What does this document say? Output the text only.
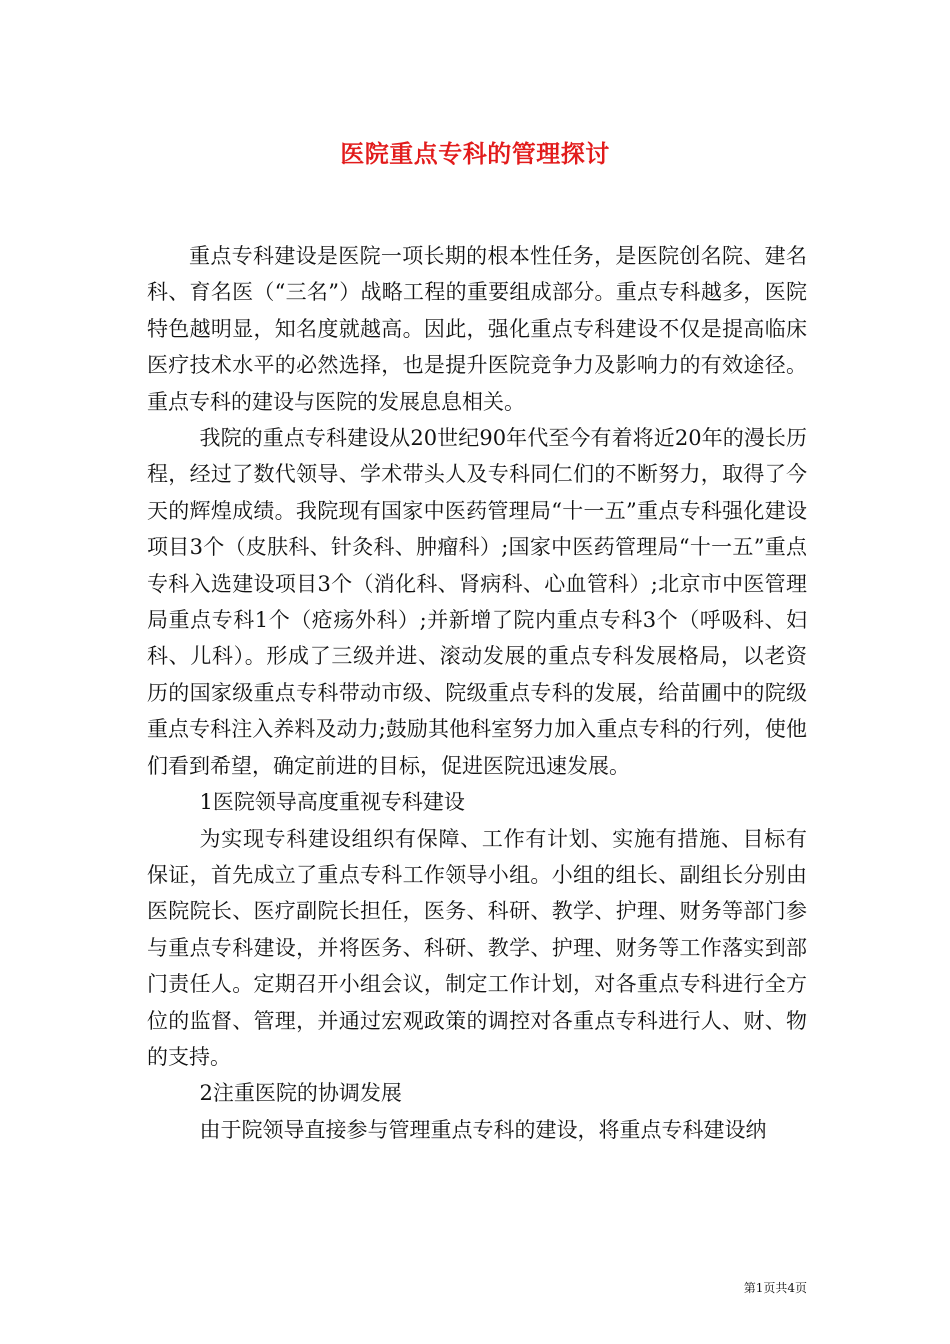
医院重点专科的管理探讨

重点专科建设是医院一项长期的根本性任务，是医院创名院、建名科、育名医（“三名”）战略工程的重要组成部分。重点专科越多，医院特色越明显，知名度就越高。因此，强化重点专科建设不仅是提高临床医疗技术水平的必然选择，也是提升医院竞争力及影响力的有效途径。重点专科的建设与医院的发展息息相关。

我院的重点专科建设从20世纪90年代至今有着将近20年的漫长历程，经过了数代领导、学术带头人及专科同仁们的不断努力，取得了今天的辉煌成绩。我院现有国家中医药管理局“十一五”重点专科强化建设项目3个（皮肤科、针灸科、肿瘤科）;国家中医药管理局“十一五”重点专科入选建设项目3个（消化科、肾病科、心血管科）;北京市中医管理局重点专科1个（疮疡外科）;并新增了院内重点专科3个（呼吸科、妇科、儿科）。形成了三级并进、滚动发展的重点专科发展格局，以老资历的国家级重点专科带动市级、院级重点专科的发展，给苗圃中的院级重点专科注入养料及动力;鼓励其他科室努力加入重点专科的行列，使他们看到希望，确定前进的目标，促进医院迅速发展。

1医院领导高度重视专科建设

为实现专科建设组织有保障、工作有计划、实施有措施、目标有保证，首先成立了重点专科工作领导小组。小组的组长、副组长分别由医院院长、医疗副院长担任，医务、科研、教学、护理、财务等部门参与重点专科建设，并将医务、科研、教学、护理、财务等工作落实到部门责任人。定期召开小组会议，制定工作计划，对各重点专科进行全方位的监督、管理，并通过宏观政策的调控对各重点专科进行人、财、物的支持。

2注重医院的协调发展

由于院领导直接参与管理重点专科的建设，将重点专科建设纳

第1页共4页
